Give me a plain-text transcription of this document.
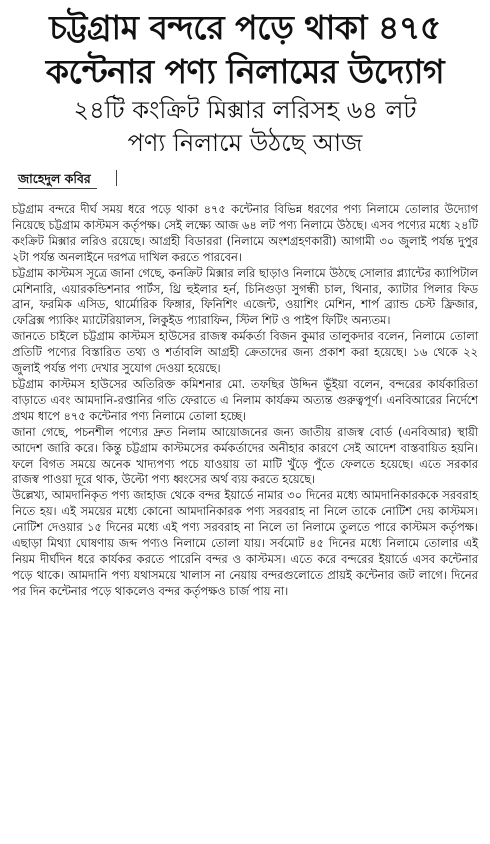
চট্টগ্রাম বন্দরে পড়ে থাকা ৪৭৫
কন্টেনার পণ্য নিলামের উদ্যোগ
২৪টি কংক্রিট মিক্সার লরিসহ ৬৪ লট
পণ্য নিলামে উঠছে আজ
জাহেদুল কবির

চট্টগ্রাম বন্দরে দীর্ঘ সময় ধরে পড়ে থাকা ৪৭৫ কন্টেনার বিভিন্ন ধরণের পণ্য নিলামে তোলার উদ্যোগ নিয়েছে চট্টগ্রাম কাস্টমস কর্তৃপক্ষ। সেই লক্ষ্যে আজ ৬৪ লট পণ্য নিলামে উঠছে। এসব পণ্যের মধ্যে ২৪টি কংক্রিট মিক্সার লরিও রয়েছে। আগ্রহী বিডাররা (নিলামে অংশগ্রহণকারী) আগামী ৩০ জুলাই পর্যন্ত দুপুর ২টা পর্যন্ত অনলাইনে দরপত্র দাখিল করতে পারবেন।

চট্টগ্রাম কাস্টমস সূত্রে জানা গেছে, কনক্রিট মিক্সার লরি ছাড়াও নিলামে উঠছে সোলার প্ল্যান্টের ক্যাপিটাল মেশিনারি, এয়ারকন্ডিশনার পার্টস, থ্রি হুইলার হর্ন, চিনিগুড়া সুগন্ধী চাল, থিনার, ক্যাটার পিলার ফিড ব্রান, ফরমিক এসিড, থার্মোরিক ফিঙ্গার, ফিনিশিং এজেন্ট, ওয়াশিং মেশিন, শার্প ব্র্যান্ড চেস্ট ফ্রিজার, ফেব্রিক্স প্যাকিং ম্যাটেরিয়ালস, লিকুইড প্যারাফিন, স্টিল শিট ও পাইপ ফিটিং অন্যতম।

জানতে চাইলে চট্টগ্রাম কাস্টমস হাউসের রাজস্ব কর্মকর্তা বিজন কুমার তালুকদার বলেন, নিলামে তোলা প্রতিটি পণ্যের বিস্তারিত তথ্য ও শর্তাবলি আগ্রহী ক্রেতাদের জন্য প্রকাশ করা হয়েছে। ১৬ থেকে ২২ জুলাই পর্যন্ত পণ্য দেখার সুযোগ দেওয়া হয়েছে।

চট্টগ্রাম কাস্টমস হাউসের অতিরিক্ত কমিশনার মো. তফছির উদ্দিন ভূঁইয়া বলেন, বন্দরের কার্যকারিতা বাড়াতে এবং আমদানি-রপ্তানির গতি ফেরাতে এ নিলাম কার্যক্রম অত্যন্ত গুরুত্বপূর্ণ। এনবিআরের নির্দেশে প্রথম ধাপে ৪৭৫ কন্টেনার পণ্য নিলামে তোলা হচ্ছে।

জানা গেছে, পচনশীল পণ্যের দ্রুত নিলাম আয়োজনের জন্য জাতীয় রাজস্ব বোর্ড (এনবিআর) স্থায়ী আদেশ জারি করে। কিন্তু চট্টগ্রাম কাস্টমসের কর্মকর্তাদের অনীহার কারণে সেই আদেশ বাস্তবায়িত হয়নি। ফলে বিগত সময়ে অনেক খাদ্যপণ্য পচে যাওয়ায় তা মাটি খুঁড়ে পুঁতে ফেলতে হয়েছে। এতে সরকার রাজস্ব পাওয়া দূরে থাক, উল্টো পণ্য ধ্বংসের অর্থ ব্যয় করতে হয়েছে।

উল্লেখ্য, আমদানিকৃত পণ্য জাহাজ থেকে বন্দর ইয়ার্ডে নামার ৩০ দিনের মধ্যে আমদানিকারককে সরবরাহ নিতে হয়। এই সময়ের মধ্যে কোনো আমদানিকারক পণ্য সরবরাহ না নিলে তাকে নোটিশ দেয় কাস্টমস। নোটিশ দেওয়ার ১৫ দিনের মধ্যে এই পণ্য সরবরাহ না নিলে তা নিলামে তুলতে পারে কাস্টমস কর্তৃপক্ষ। এছাড়া মিথ্যা ঘোষণায় জব্দ পণ্যও নিলামে তোলা যায়। সর্বমোট ৪৫ দিনের মধ্যে নিলামে তোলার এই নিয়ম দীর্ঘদিন ধরে কার্যকর করতে পারেনি বন্দর ও কাস্টমস। এতে করে বন্দরের ইয়ার্ডে এসব কন্টেনার পড়ে থাকে। আমদানি পণ্য যথাসময়ে খালাস না নেয়ায় বন্দরগুলোতে প্রায়ই কন্টেনার জট লাগে। দিনের পর দিন কন্টেনার পড়ে থাকলেও বন্দর কর্তৃপক্ষও চার্জ পায় না।
